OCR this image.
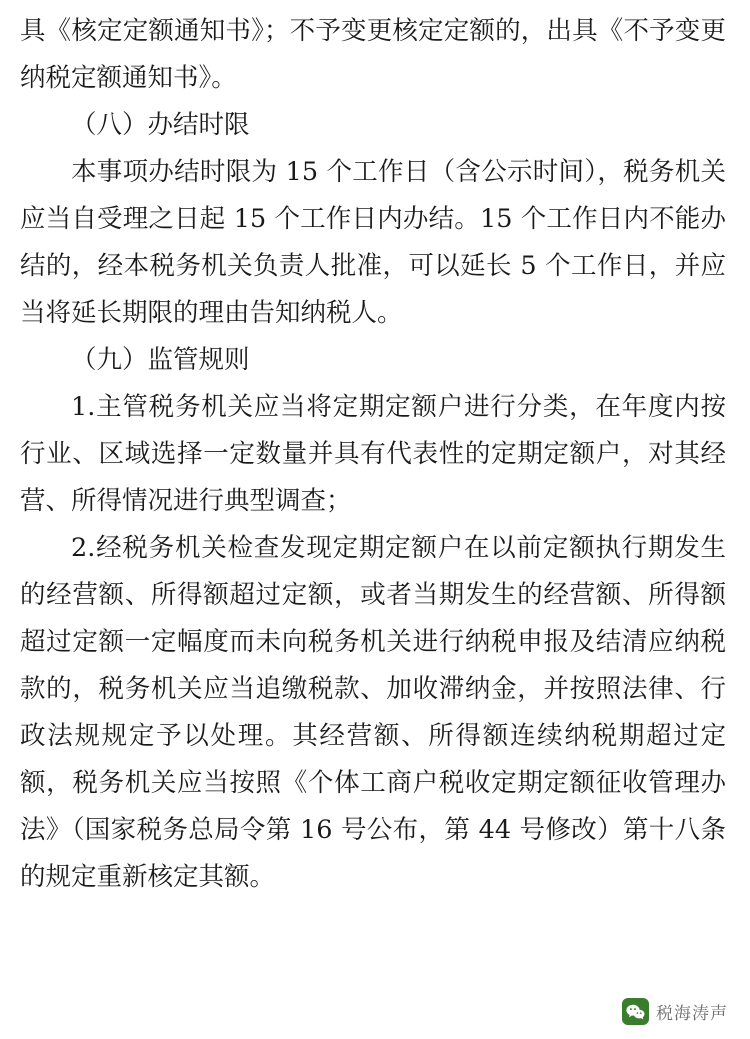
具《核定定额通知书》；不予变更核定定额的，出具《不予变更纳税定额通知书》。

（八）办结时限

本事项办结时限为 15 个工作日（含公示时间），税务机关应当自受理之日起 15 个工作日内办结。15 个工作日内不能办结的，经本税务机关负责人批准，可以延长 5 个工作日，并应当将延长期限的理由告知纳税人。

（九）监管规则

1.主管税务机关应当将定期定额户进行分类，在年度内按行业、区域选择一定数量并具有代表性的定期定额户，对其经营、所得情况进行典型调查；

2.经税务机关检查发现定期定额户在以前定额执行期发生的经营额、所得额超过定额，或者当期发生的经营额、所得额超过定额一定幅度而未向税务机关进行纳税申报及结清应纳税款的，税务机关应当追缴税款、加收滞纳金，并按照法律、行政法规规定予以处理。其经营额、所得额连续纳税期超过定额，税务机关应当按照《个体工商户税收定期定额征收管理办法》（国家税务总局令第 16 号公布，第 44 号修改）第十八条的规定重新核定其额。

税海涛声
